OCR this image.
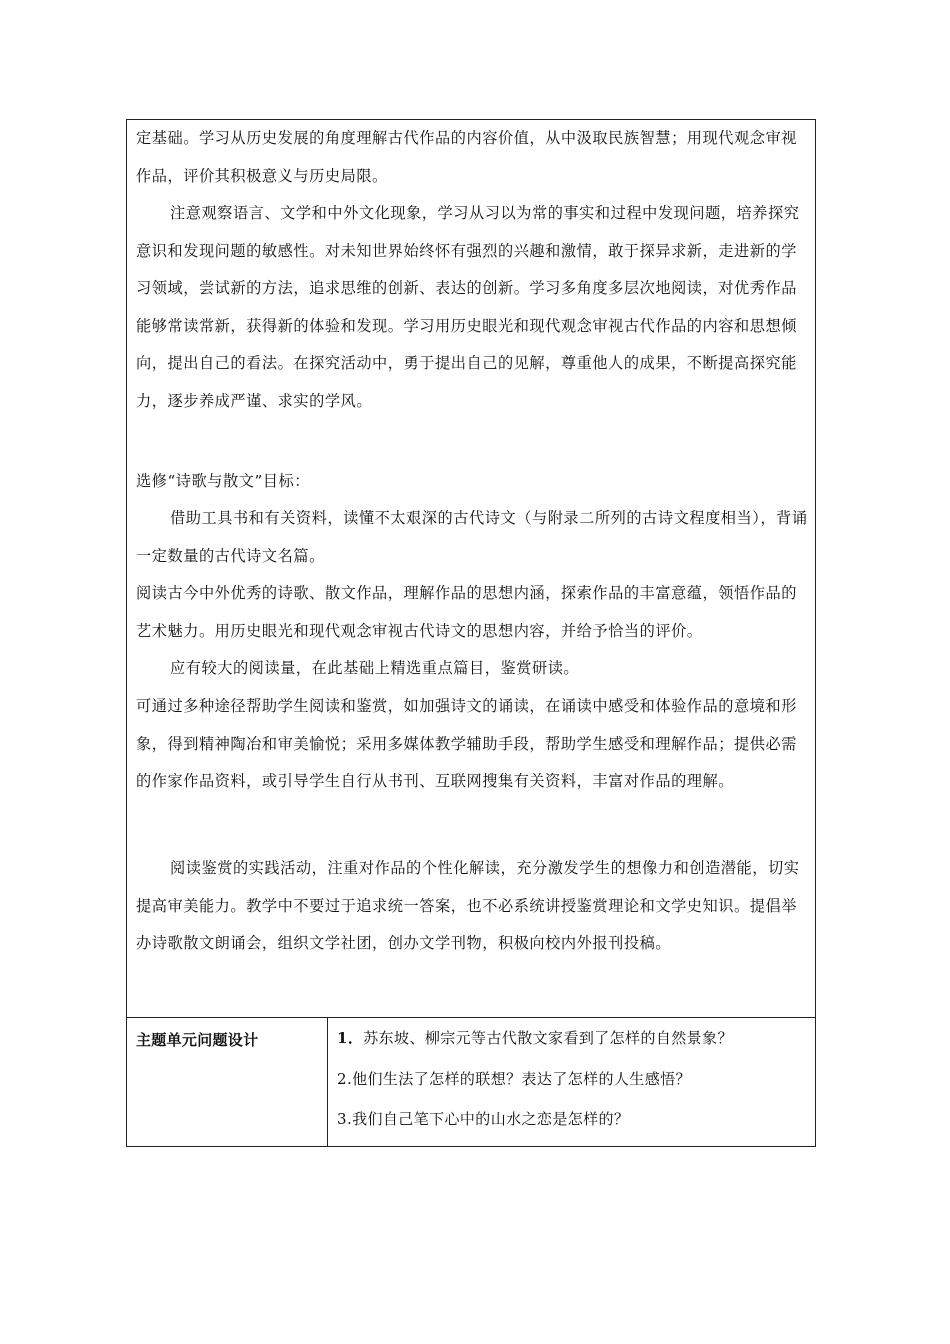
定基础。学习从历史发展的角度理解古代作品的内容价值，从中汲取民族智慧；用现代观念审视作品，评价其积极意义与历史局限。

注意观察语言、文学和中外文化现象，学习从习以为常的事实和过程中发现问题，培养探究意识和发现问题的敏感性。对未知世界始终怀有强烈的兴趣和激情，敢于探异求新，走进新的学习领域，尝试新的方法，追求思维的创新、表达的创新。学习多角度多层次地阅读，对优秀作品能够常读常新，获得新的体验和发现。学习用历史眼光和现代观念审视古代作品的内容和思想倾向，提出自己的看法。在探究活动中，勇于提出自己的见解，尊重他人的成果，不断提高探究能力，逐步养成严谨、求实的学风。

选修“诗歌与散文”目标：

借助工具书和有关资料，读懂不太艰深的古代诗文（与附录二所列的古诗文程度相当），背诵一定数量的古代诗文名篇。

阅读古今中外优秀的诗歌、散文作品，理解作品的思想内涵，探索作品的丰富意蕴，领悟作品的艺术魅力。用历史眼光和现代观念审视古代诗文的思想内容，并给予恰当的评价。

应有较大的阅读量，在此基础上精选重点篇目，鉴赏研读。

可通过多种途径帮助学生阅读和鉴赏，如加强诗文的诵读，在诵读中感受和体验作品的意境和形象，得到精神陶冶和审美愉悦；采用多媒体教学辅助手段，帮助学生感受和理解作品；提供必需的作家作品资料，或引导学生自行从书刊、互联网搜集有关资料，丰富对作品的理解。

阅读鉴赏的实践活动，注重对作品的个性化解读，充分激发学生的想像力和创造潜能，切实提高审美能力。教学中不要过于追求统一答案，也不必系统讲授鉴赏理论和文学史知识。提倡举办诗歌散文朗诵会，组织文学社团，创办文学刊物，积极向校内外报刊投稿。

主题单元问题设计	1．苏东坡、柳宗元等古代散文家看到了怎样的自然景象？
2.他们生法了怎样的联想？表达了怎样的人生感悟？
3.我们自己笔下心中的山水之恋是怎样的？
